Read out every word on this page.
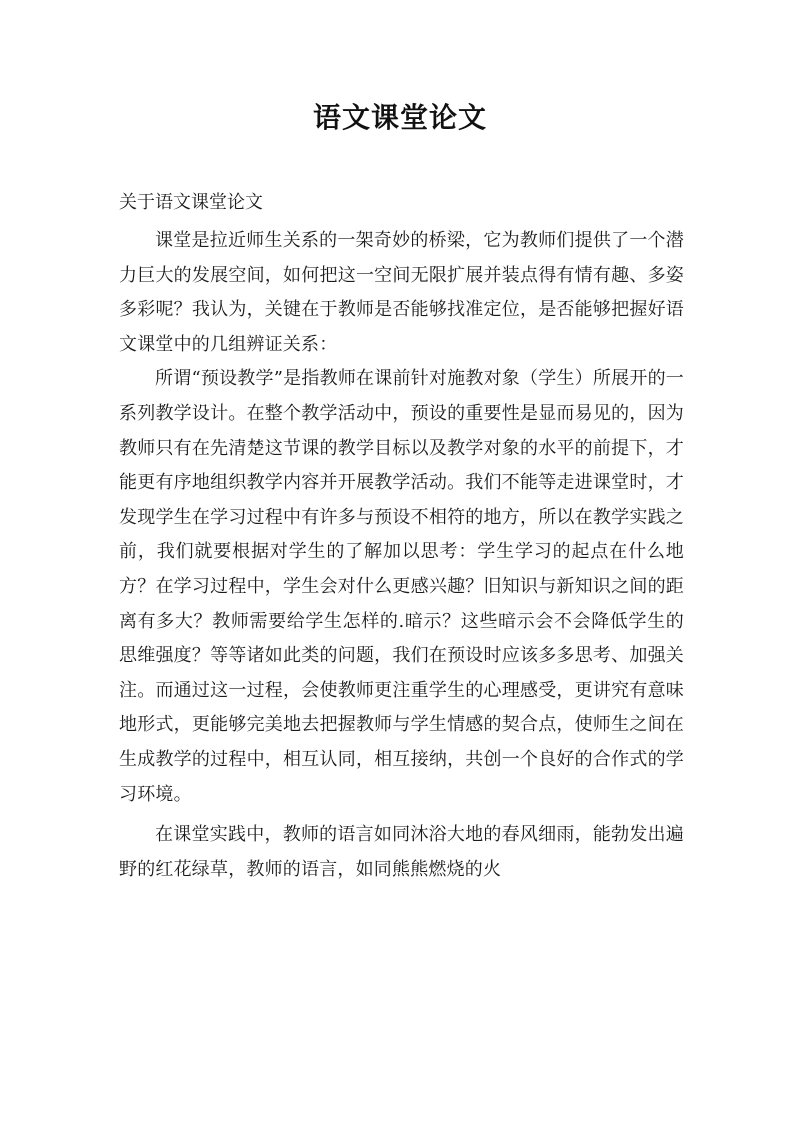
语文课堂论文
关于语文课堂论文

课堂是拉近师生关系的一架奇妙的桥梁，它为教师们提供了一个潜力巨大的发展空间，如何把这一空间无限扩展并装点得有情有趣、多姿多彩呢？我认为，关键在于教师是否能够找准定位，是否能够把握好语文课堂中的几组辨证关系：

所谓“预设教学”是指教师在课前针对施教对象（学生）所展开的一系列教学设计。在整个教学活动中，预设的重要性是显而易见的，因为教师只有在先清楚这节课的教学目标以及教学对象的水平的前提下，才能更有序地组织教学内容并开展教学活动。我们不能等走进课堂时，才发现学生在学习过程中有许多与预设不相符的地方，所以在教学实践之前，我们就要根据对学生的了解加以思考：学生学习的起点在什么地方？在学习过程中，学生会对什么更感兴趣？旧知识与新知识之间的距离有多大？教师需要给学生怎样的.暗示？这些暗示会不会降低学生的思维强度？等等诸如此类的问题，我们在预设时应该多多思考、加强关注。而通过这一过程，会使教师更注重学生的心理感受，更讲究有意味地形式，更能够完美地去把握教师与学生情感的契合点，使师生之间在生成教学的过程中，相互认同，相互接纳，共创一个良好的合作式的学习环境。

在课堂实践中，教师的语言如同沐浴大地的春风细雨，能勃发出遍野的红花绿草，教师的语言，如同熊熊燃烧的火
